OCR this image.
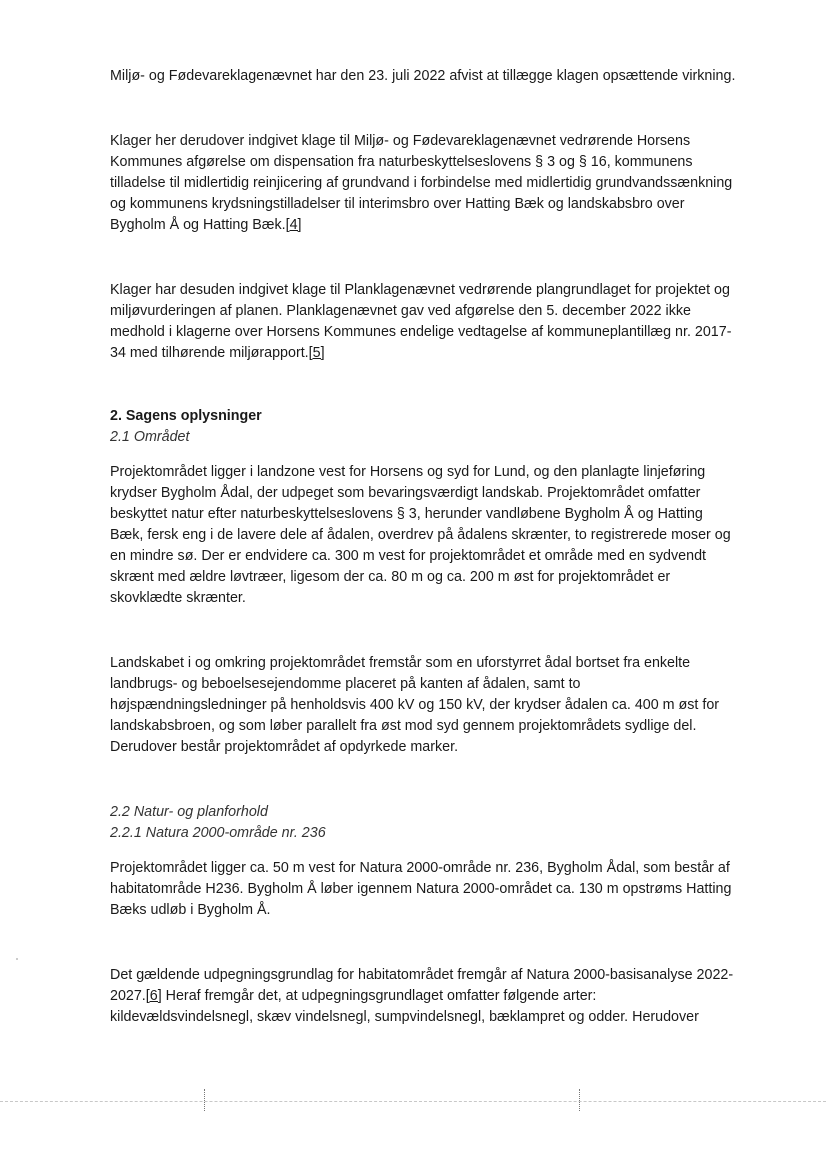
Miljø- og Fødevareklagenævnet har den 23. juli 2022 afvist at tillægge klagen opsættende virkning.

Klager her derudover indgivet klage til Miljø- og Fødevareklagenævnet vedrørende Horsens Kommunes afgørelse om dispensation fra naturbeskyttelseslovens § 3 og § 16, kommunens tilladelse til midlertidig reinjicering af grundvand i forbindelse med midlertidig grundvandssænkning og kommunens krydsningstilladelser til interimsbro over Hatting Bæk og landskabsbro over Bygholm Å og Hatting Bæk.[4]

Klager har desuden indgivet klage til Planklagenævnet vedrørende plangrundlaget for projektet og miljøvurderingen af planen. Planklagenævnet gav ved afgørelse den 5. december 2022 ikke medhold i klagerne over Horsens Kommunes endelige vedtagelse af kommuneplantillæg nr. 2017-34 med tilhørende miljørapport.[5]

2. Sagens oplysninger

2.1 Området

Projektområdet ligger i landzone vest for Horsens og syd for Lund, og den planlagte linjeføring krydser Bygholm Ådal, der udpeget som bevaringsværdigt landskab. Projektområdet omfatter beskyttet natur efter naturbeskyttelseslovens § 3, herunder vandløbene Bygholm Å og Hatting Bæk, fersk eng i de lavere dele af ådalen, overdrev på ådalens skrænter, to registrerede moser og en mindre sø. Der er endvidere ca. 300 m vest for projektområdet et område med en sydvendt skrænt med ældre løvtræer, ligesom der ca. 80 m og ca. 200 m øst for projektområdet er skovklædte skrænter.

Landskabet i og omkring projektområdet fremstår som en uforstyrret ådal bortset fra enkelte landbrugs- og beboelsesejendomme placeret på kanten af ådalen, samt to højspændningsledninger på henholdsvis 400 kV og 150 kV, der krydser ådalen ca. 400 m øst for landskabsbroen, og som løber parallelt fra øst mod syd gennem projektområdets sydlige del. Derudover består projektområdet af opdyrkede marker.

2.2 Natur- og planforhold

2.2.1 Natura 2000-område nr. 236

Projektområdet ligger ca. 50 m vest for Natura 2000-område nr. 236, Bygholm Ådal, som består af habitatområde H236. Bygholm Å løber igennem Natura 2000-området ca. 130 m opstrøms Hatting Bæks udløb i Bygholm Å.

Det gældende udpegningsgrundlag for habitatområdet fremgår af Natura 2000-basisanalyse 2022-2027.[6] Heraf fremgår det, at udpegningsgrundlaget omfatter følgende arter: kildevældsvindelsnegl, skæv vindelsnegl, sumpvindelsnegl, bæklampret og odder. Herudover
